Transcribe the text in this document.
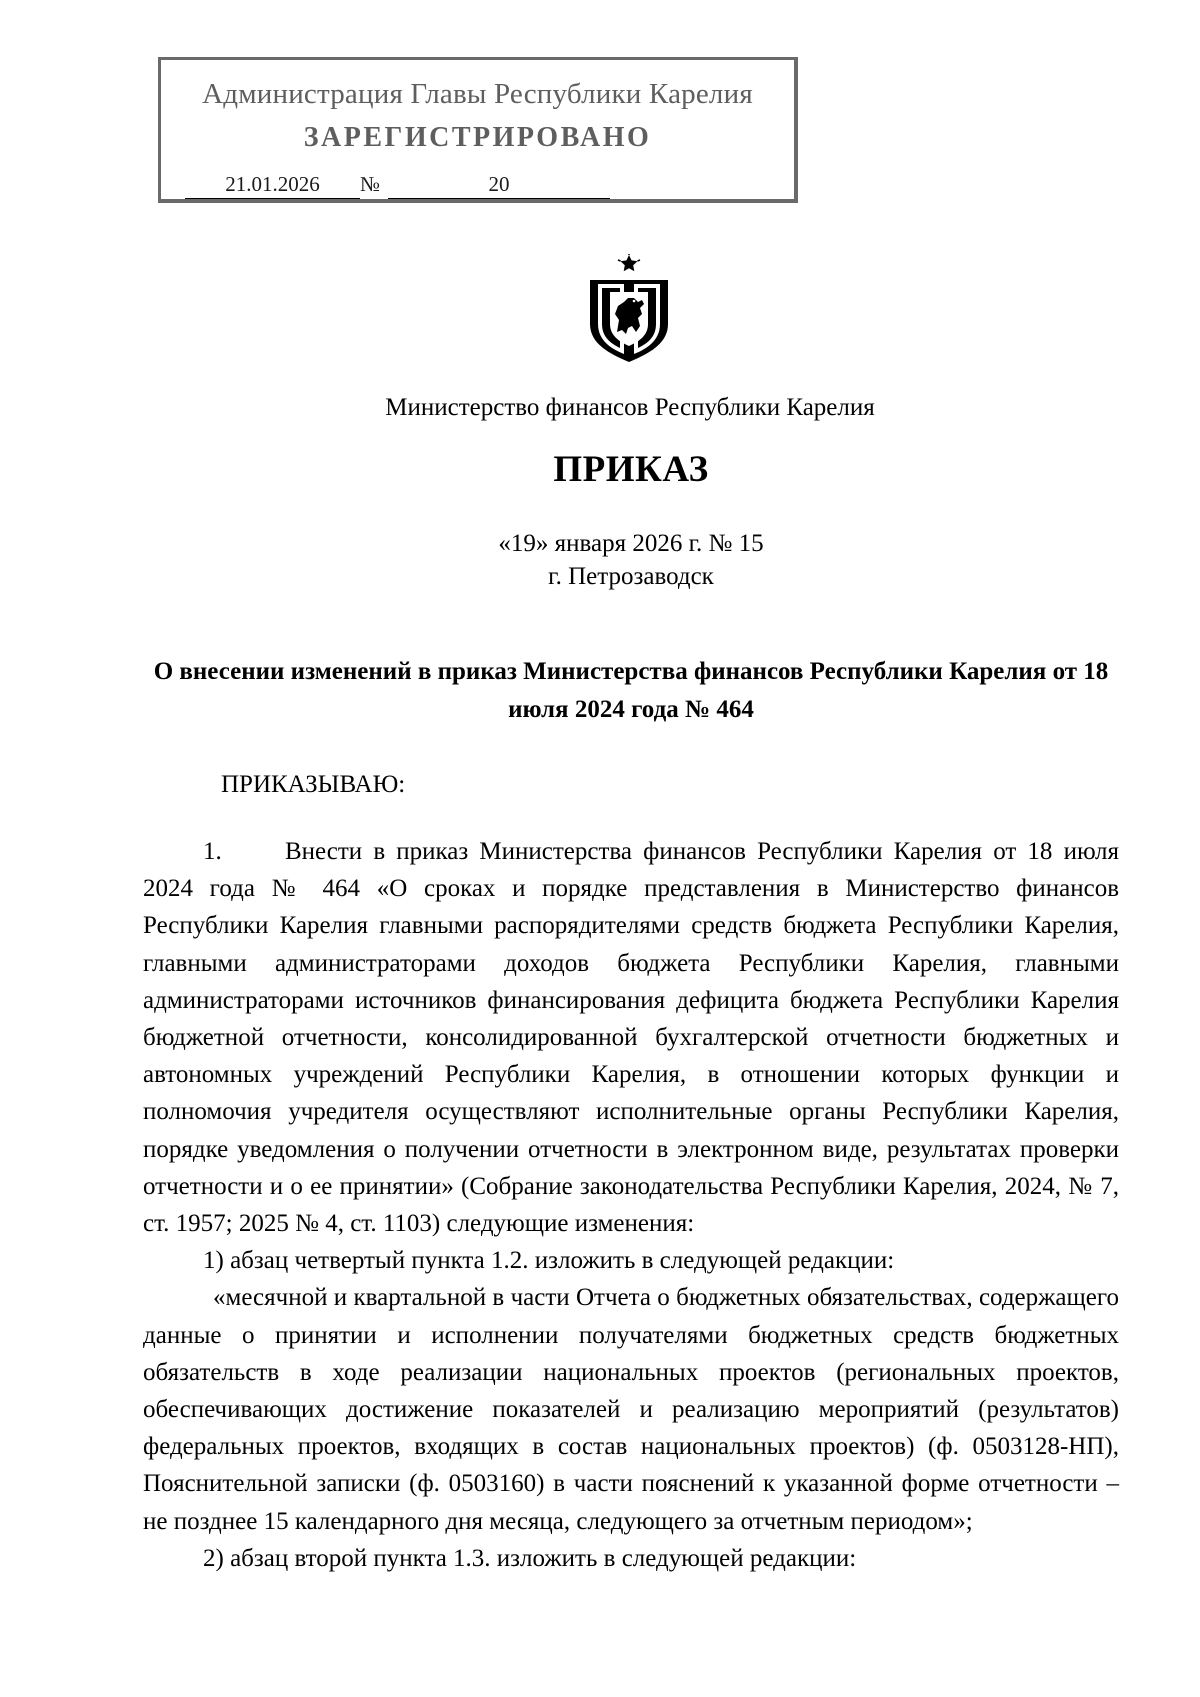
Администрация Главы Республики Карелия
ЗАРЕГИСТРИРОВАНО
21.01.2026	№	20
Министерство финансов Республики Карелия
ПРИКАЗ
«19» января 2026 г. № 15
г. Петрозаводск
О внесении изменений в приказ Министерства финансов Республики Карелия от 18 июля 2024 года № 464
ПРИКАЗЫВАЮ:

1.	Внести в приказ Министерства финансов Республики Карелия от 18 июля 2024 года № 464 «О сроках и порядке представления в Министерство финансов Республики Карелия главными распорядителями средств бюджета Республики Карелия, главными администраторами доходов бюджета Республики Карелия, главными администраторами источников финансирования дефицита бюджета Республики Карелия бюджетной отчетности, консолидированной бухгалтерской отчетности бюджетных и автономных учреждений Республики Карелия, в отношении которых функции и полномочия учредителя осуществляют исполнительные органы Республики Карелия, порядке уведомления о получении отчетности в электронном виде, результатах проверки отчетности и о ее принятии» (Собрание законодательства Республики Карелия, 2024, № 7, ст. 1957; 2025 № 4, ст. 1103) следующие изменения:

1) абзац четвертый пункта 1.2. изложить в следующей редакции:

«месячной и квартальной в части Отчета о бюджетных обязательствах, содержащего данные о принятии и исполнении получателями бюджетных средств бюджетных обязательств в ходе реализации национальных проектов (региональных проектов, обеспечивающих достижение показателей и реализацию мероприятий (результатов) федеральных проектов, входящих в состав национальных проектов) (ф. 0503128-НП), Пояснительной записки (ф. 0503160) в части пояснений к указанной форме отчетности – не позднее 15 календарного дня месяца, следующего за отчетным периодом»;

2) абзац второй пункта 1.3. изложить в следующей редакции:
